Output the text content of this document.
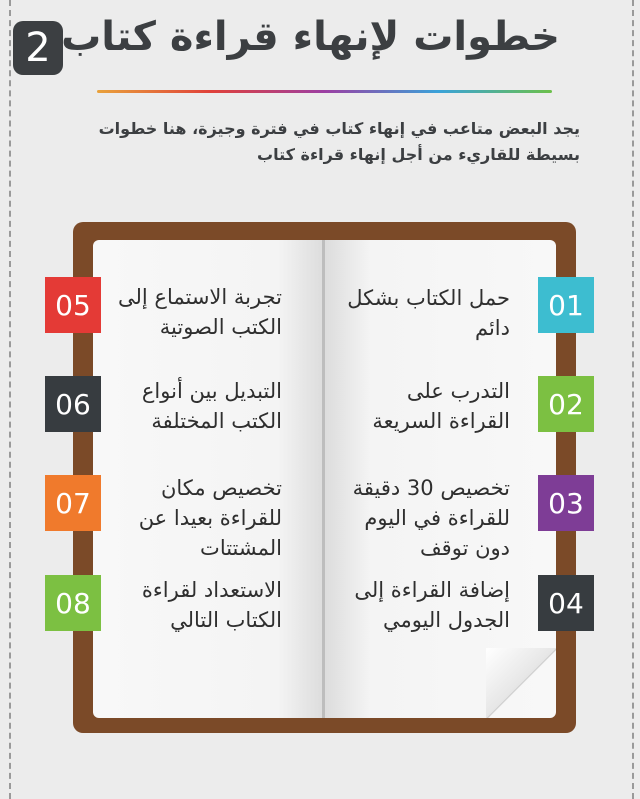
2 خطوات لإنهاء قراءة كتاب
يجد البعض متاعب في إنهاء كتاب في فترة وجيزة، هنا خطوات بسيطة للقاريء من أجل إنهاء قراءة كتاب
01
حمل الكتاب بشكل دائم
02
التدرب على القراءة السريعة
03
تخصيص 30 دقيقة للقراءة في اليوم دون توقف
04
إضافة القراءة إلى الجدول اليومي
05	تجربة الاستماع إلى الكتب الصوتية
06	التبديل بين أنواع الكتب المختلفة
07	تخصيص مكان للقراءة بعيدا عن المشتتات
08	الاستعداد لقراءة الكتاب التالي
